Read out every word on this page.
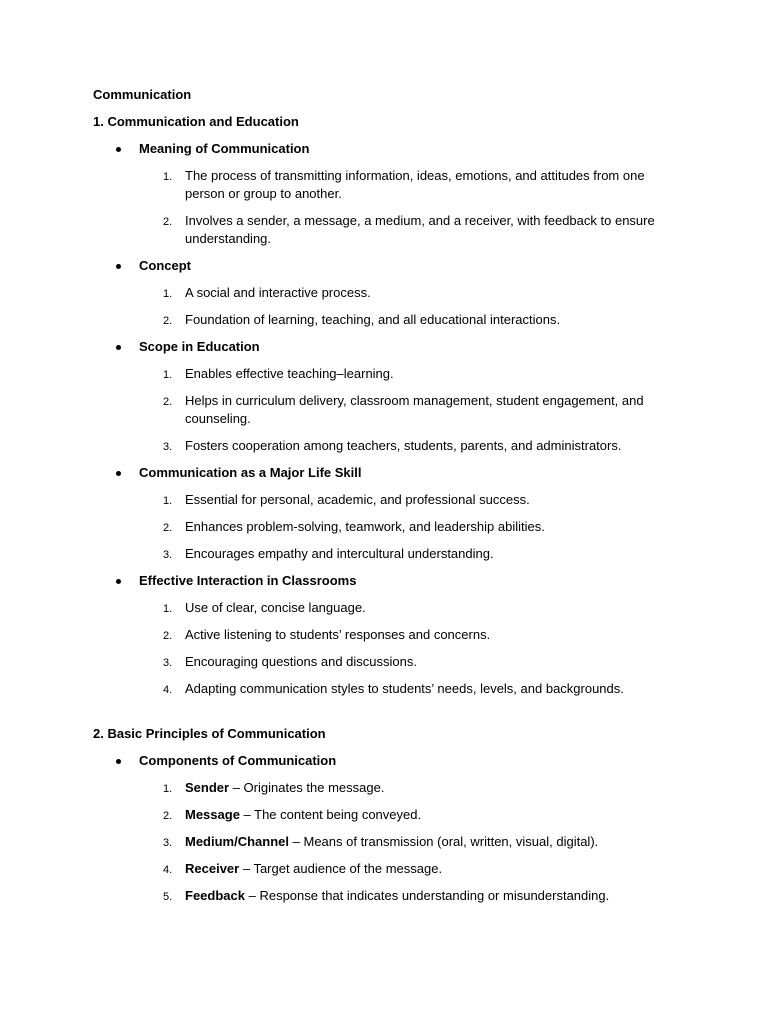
Communication
1. Communication and Education
Meaning of Communication
1. The process of transmitting information, ideas, emotions, and attitudes from one person or group to another.
2. Involves a sender, a message, a medium, and a receiver, with feedback to ensure understanding.
Concept
1. A social and interactive process.
2. Foundation of learning, teaching, and all educational interactions.
Scope in Education
1. Enables effective teaching–learning.
2. Helps in curriculum delivery, classroom management, student engagement, and counseling.
3. Fosters cooperation among teachers, students, parents, and administrators.
Communication as a Major Life Skill
1. Essential for personal, academic, and professional success.
2. Enhances problem-solving, teamwork, and leadership abilities.
3. Encourages empathy and intercultural understanding.
Effective Interaction in Classrooms
1. Use of clear, concise language.
2. Active listening to students’ responses and concerns.
3. Encouraging questions and discussions.
4. Adapting communication styles to students’ needs, levels, and backgrounds.
2. Basic Principles of Communication
Components of Communication
1. Sender – Originates the message.
2. Message – The content being conveyed.
3. Medium/Channel – Means of transmission (oral, written, visual, digital).
4. Receiver – Target audience of the message.
5. Feedback – Response that indicates understanding or misunderstanding.
